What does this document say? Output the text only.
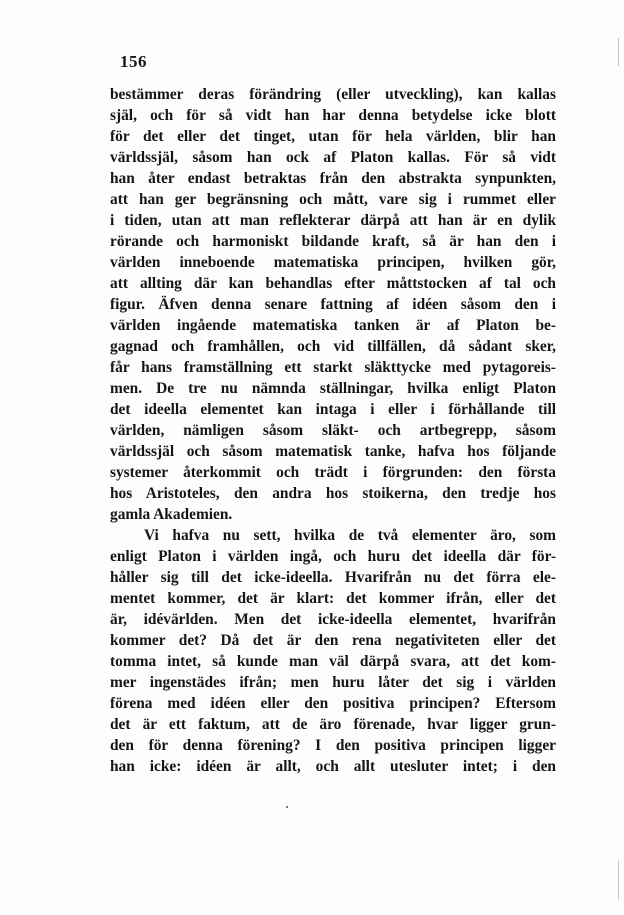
156
bestämmer deras förändring (eller utveckling), kan kallas
själ, och för så vidt han har denna betydelse icke blott
för det eller det tinget, utan för hela världen, blir han
världssjäl, såsom han ock af Platon kallas. För så vidt
han åter endast betraktas från den abstrakta synpunkten,
att han ger begränsning och mått, vare sig i rummet eller
i tiden, utan att man reflekterar därpå att han är en dylik
rörande och harmoniskt bildande kraft, så är han den i
världen inneboende matematiska principen, hvilken gör,
att allting där kan behandlas efter måttstocken af tal och
figur. Äfven denna senare fattning af idéen såsom den i
världen ingående matematiska tanken är af Platon be-
gagnad och framhållen, och vid tillfällen, då sådant sker,
får hans framställning ett starkt släkttycke med pytagoreis-
men. De tre nu nämnda ställningar, hvilka enligt Platon
det ideella elementet kan intaga i eller i förhållande till
världen, nämligen såsom släkt- och artbegrepp, såsom
världssjäl och såsom matematisk tanke, hafva hos följande
systemer återkommit och trädt i förgrunden: den första
hos Aristoteles, den andra hos stoikerna, den tredje hos
gamla Akademien.
Vi hafva nu sett, hvilka de två elementer äro, som
enligt Platon i världen ingå, och huru det ideella där för-
håller sig till det icke-ideella. Hvarifrån nu det förra ele-
mentet kommer, det är klart: det kommer ifrån, eller det
är, idévärlden. Men det icke-ideella elementet, hvarifrån
kommer det? Då det är den rena negativiteten eller det
tomma intet, så kunde man väl därpå svara, att det kom-
mer ingenstädes ifrån; men huru låter det sig i världen
förena med idéen eller den positiva principen? Eftersom
det är ett faktum, att de äro förenade, hvar ligger grun-
den för denna förening? I den positiva principen ligger
han icke: idéen är allt, och allt utesluter intet; i den
